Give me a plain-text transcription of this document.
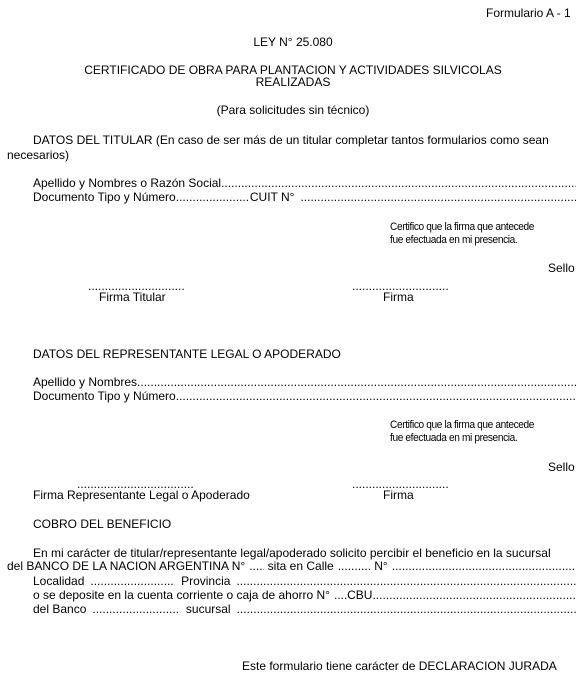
Formulario A - 1
LEY N° 25.080
CERTIFICADO DE OBRA PARA PLANTACION Y ACTIVIDADES SILVICOLAS
REALIZADAS
(Para solicitudes sin técnico)
DATOS DEL TITULAR (En caso de ser más de un titular completar tantos formularios como sean
necesarios)
Apellido y Nombres o Razón Social
.....
Documento Tipo y Número .....	CUIT N°
.....
Certifico que la firma que antecede
fue efectuada en mi presencia.
Sello
.....
.....
Firma Titular	Firma
DATOS DEL REPRESENTANTE LEGAL O APODERADO
Apellido y Nombres
.....
Documento Tipo y Número
.....
Certifico que la firma que antecede
fue efectuada en mi presencia.
Sello
.....
.....
Firma Representante Legal o Apoderado	Firma
COBRO DEL BENEFICIO
En mi carácter de titular/representante legal/apoderado solicito percibir el beneficio en la sucursal
del BANCO DE LA NACION ARGENTINA N° ..... sita en Calle .....	N°
.....
Localidad .....	Provincia
.....
o se deposite en la cuenta corriente o caja de ahorro N° ..... CBU
.....
del Banco .....	sucursal
.....
Este formulario tiene carácter de DECLARACION JURADA
